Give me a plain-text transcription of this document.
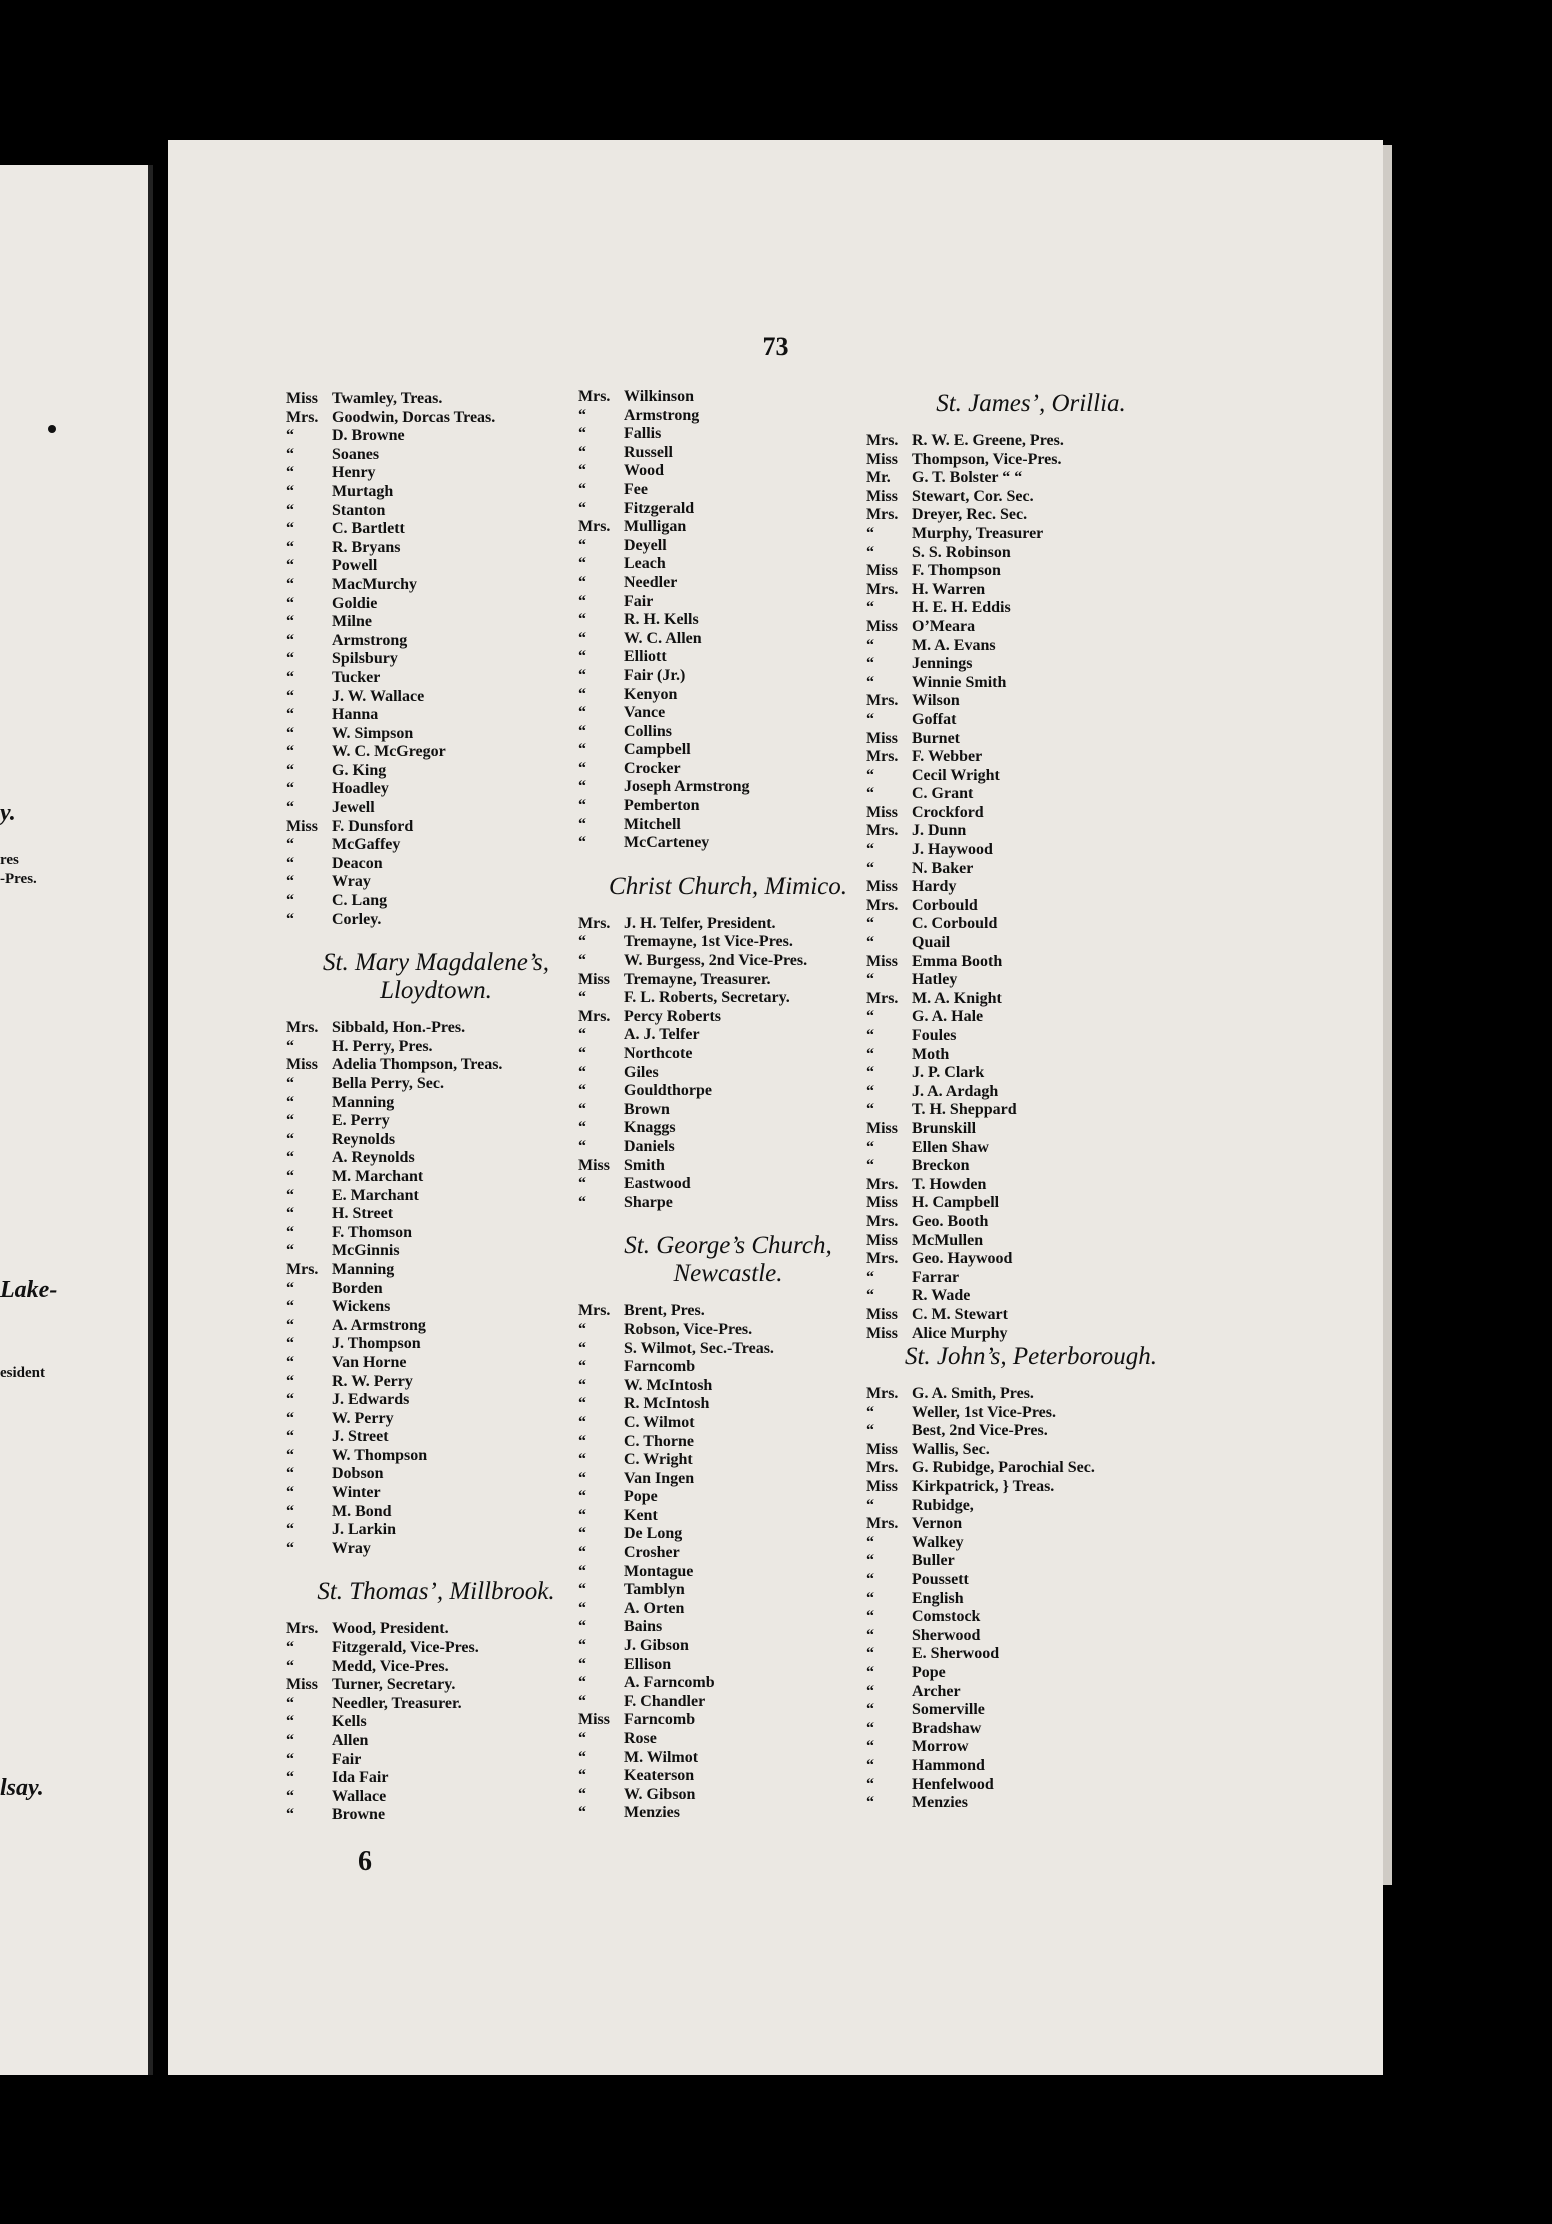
y.
res
-Pres.
Lake-
esident
lsay.
73
Miss Twamley, Treas.
Mrs. Goodwin, Dorcas Treas.
“ D. Browne
“ Soanes
“ Henry
“ Murtagh
“ Stanton
“ C. Bartlett
“ R. Bryans
“ Powell
“ MacMurchy
“ Goldie
“ Milne
“ Armstrong
“ Spilsbury
“ Tucker
“ J. W. Wallace
“ Hanna
“ W. Simpson
“ W. C. McGregor
“ G. King
“ Hoadley
“ Jewell
Miss F. Dunsford
“ McGaffey
“ Deacon
“ Wray
“ C. Lang
“ Corley.
St. Mary Magdalene’s,
Lloydtown.
Mrs. Sibbald, Hon.-Pres.
“ H. Perry, Pres.
Miss Adelia Thompson, Treas.
“ Bella Perry, Sec.
“ Manning
“ E. Perry
“ Reynolds
“ A. Reynolds
“ M. Marchant
“ E. Marchant
“ H. Street
“ F. Thomson
“ McGinnis
Mrs. Manning
“ Borden
“ Wickens
“ A. Armstrong
“ J. Thompson
“ Van Horne
“ R. W. Perry
“ J. Edwards
“ W. Perry
“ J. Street
“ W. Thompson
“ Dobson
“ Winter
“ M. Bond
“ J. Larkin
“ Wray
St. Thomas’, Millbrook.
Mrs. Wood, President.
“ Fitzgerald, Vice-Pres.
“ Medd, Vice-Pres.
Miss Turner, Secretary.
“ Needler, Treasurer.
“ Kells
“ Allen
“ Fair
“ Ida Fair
“ Wallace
“ Browne
Mrs. Wilkinson
“ Armstrong
“ Fallis
“ Russell
“ Wood
“ Fee
“ Fitzgerald
Mrs. Mulligan
“ Deyell
“ Leach
“ Needler
“ Fair
“ R. H. Kells
“ W. C. Allen
“ Elliott
“ Fair (Jr.)
“ Kenyon
“ Vance
“ Collins
“ Campbell
“ Crocker
“ Joseph Armstrong
“ Pemberton
“ Mitchell
“ McCarteney
Christ Church, Mimico.
Mrs. J. H. Telfer, President.
“ Tremayne, 1st Vice-Pres.
“ W. Burgess, 2nd Vice-Pres.
Miss Tremayne, Treasurer.
“ F. L. Roberts, Secretary.
Mrs. Percy Roberts
“ A. J. Telfer
“ Northcote
“ Giles
“ Gouldthorpe
“ Brown
“ Knaggs
“ Daniels
Miss Smith
“ Eastwood
“ Sharpe
St. George’s Church,
Newcastle.
Mrs. Brent, Pres.
“ Robson, Vice-Pres.
“ S. Wilmot, Sec.-Treas.
“ Farncomb
“ W. McIntosh
“ R. McIntosh
“ C. Wilmot
“ C. Thorne
“ C. Wright
“ Van Ingen
“ Pope
“ Kent
“ De Long
“ Crosher
“ Montague
“ Tamblyn
“ A. Orten
“ Bains
“ J. Gibson
“ Ellison
“ A. Farncomb
“ F. Chandler
Miss Farncomb
“ Rose
“ M. Wilmot
“ Keaterson
“ W. Gibson
“ Menzies
St. James’, Orillia.
Mrs. R. W. E. Greene, Pres.
Miss Thompson, Vice-Pres.
Mr. G. T. Bolster “ “
Miss Stewart, Cor. Sec.
Mrs. Dreyer, Rec. Sec.
“ Murphy, Treasurer
“ S. S. Robinson
Miss F. Thompson
Mrs. H. Warren
“ H. E. H. Eddis
Miss O’Meara
“ M. A. Evans
“ Jennings
“ Winnie Smith
Mrs. Wilson
“ Goffat
Miss Burnet
Mrs. F. Webber
“ Cecil Wright
“ C. Grant
Miss Crockford
Mrs. J. Dunn
“ J. Haywood
“ N. Baker
Miss Hardy
Mrs. Corbould
“ C. Corbould
“ Quail
Miss Emma Booth
“ Hatley
Mrs. M. A. Knight
“ G. A. Hale
“ Foules
“ Moth
“ J. P. Clark
“ J. A. Ardagh
“ T. H. Sheppard
Miss Brunskill
“ Ellen Shaw
“ Breckon
Mrs. T. Howden
Miss H. Campbell
Mrs. Geo. Booth
Miss McMullen
Mrs. Geo. Haywood
“ Farrar
“ R. Wade
Miss C. M. Stewart
Miss Alice Murphy
St. John’s, Peterborough.
Mrs. G. A. Smith, Pres.
“ Weller, 1st Vice-Pres.
“ Best, 2nd Vice-Pres.
Miss Wallis, Sec.
Mrs. G. Rubidge, Parochial Sec.
Miss Kirkpatrick, } Treas.
“ Rubidge,
Mrs. Vernon
“ Walkey
“ Buller
“ Poussett
“ English
“ Comstock
“ Sherwood
“ E. Sherwood
“ Pope
“ Archer
“ Somerville
“ Bradshaw
“ Morrow
“ Hammond
“ Henfelwood
“ Menzies
6
